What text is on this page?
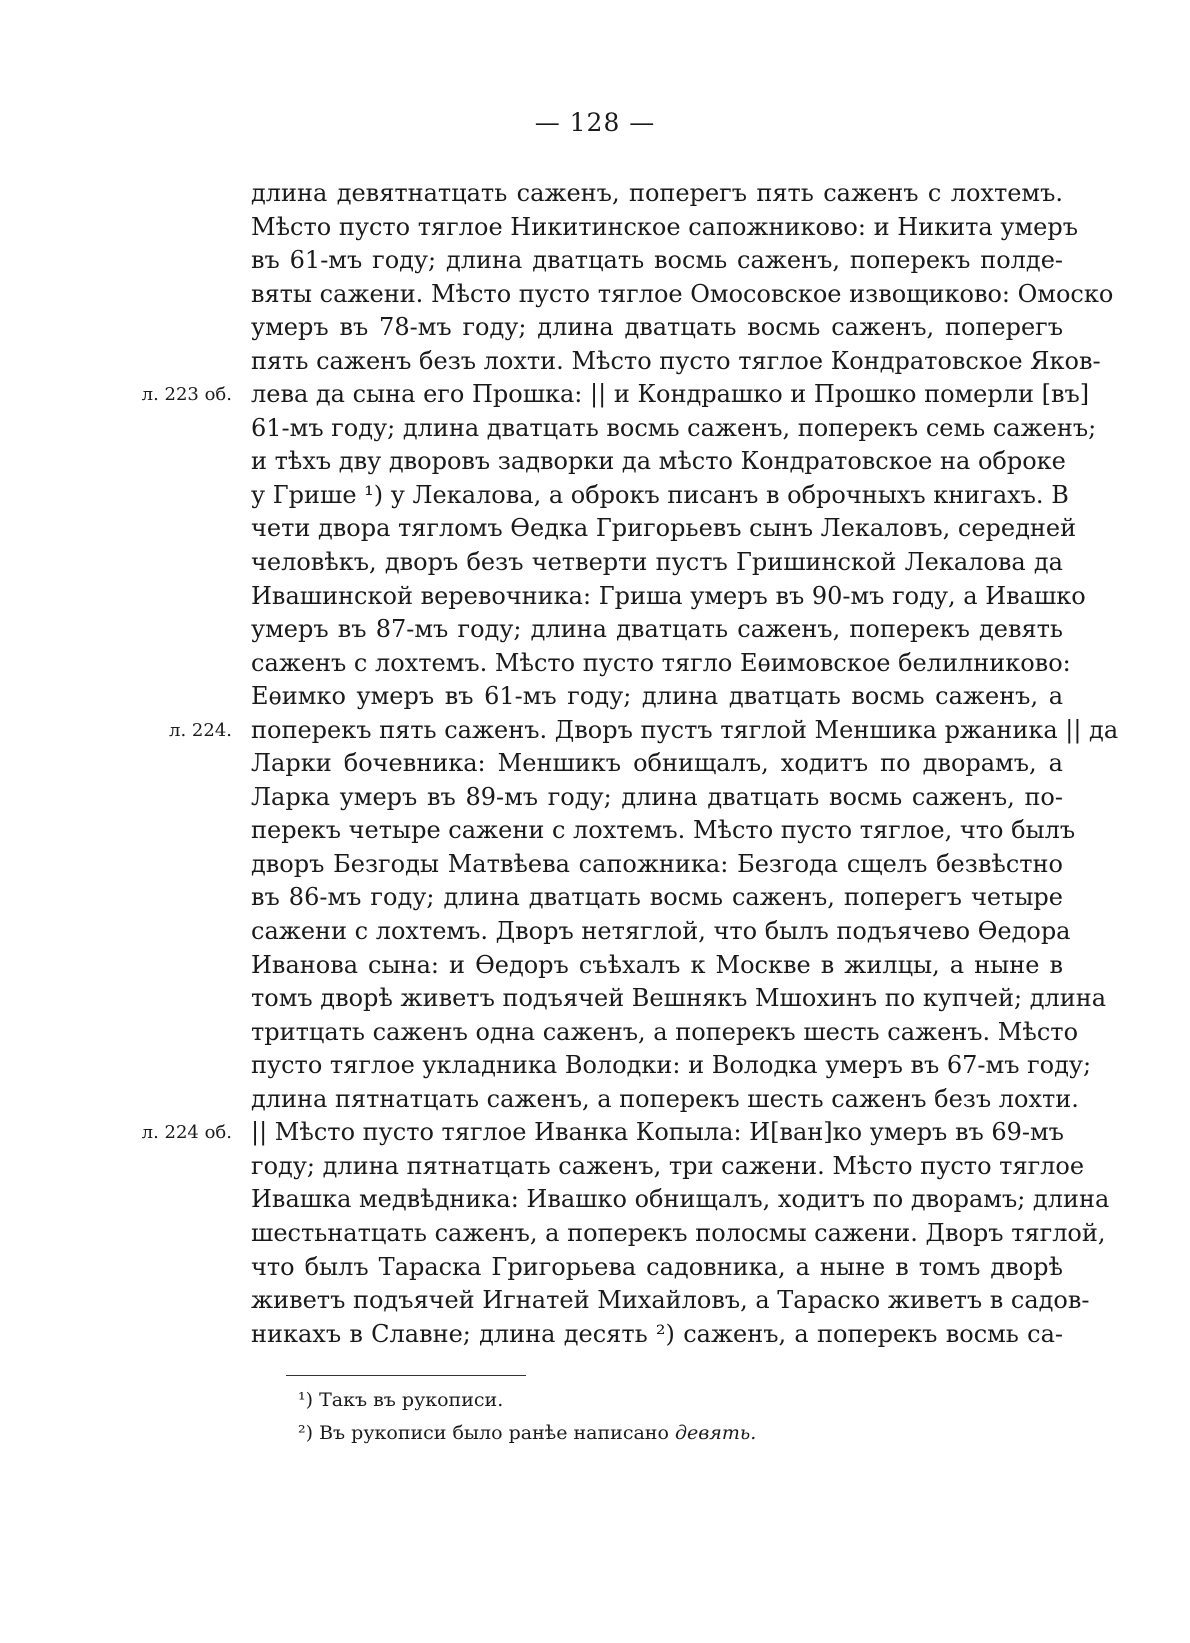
— 128 —
длина девятнатцать саженъ, поперегъ пять саженъ с лохтемъ.
Мѣсто пусто тяглое Никитинское сапожниково: и Никита умеръ
въ 61-мъ году; длина дватцать восмь саженъ, поперекъ полде-
вяты сажени. Мѣсто пусто тяглое Омосовское извощиково: Омоско
умеръ въ 78-мъ году; длина дватцать восмь саженъ, поперегъ
пять саженъ безъ лохти. Мѣсто пусто тяглое Кондратовское Яков-
лева да сына его Прошка: || и Кондрашко и Прошко померли [въ]
л. 223 об.
61-мъ году; длина дватцать восмь саженъ, поперекъ семь саженъ;
и тѣхъ дву дворовъ задворки да мѣсто Кондратовское на оброке
у Грише ¹) у Лекалова, а оброкъ писанъ в оброчныхъ книгахъ. В
чети двора тягломъ Ѳедка Григорьевъ сынъ Лекаловъ, середней
человѣкъ, дворъ безъ четверти пустъ Гришинской Лекалова да
Ивашинской веревочника: Гриша умеръ въ 90-мъ году, а Ивашко
умеръ въ 87-мъ году; длина дватцать саженъ, поперекъ девять
саженъ с лохтемъ. Мѣсто пусто тягло Еѳимовское белилниково:
Еѳимко умеръ въ 61-мъ году; длина дватцать восмь саженъ, а
поперекъ пять саженъ. Дворъ пустъ тяглой Меншика ржаника || да
л. 224.
Ларки бочевника: Меншикъ обнищалъ, ходитъ по дворамъ, а
Ларка умеръ въ 89-мъ году; длина дватцать восмь саженъ, по-
перекъ четыре сажени с лохтемъ. Мѣсто пусто тяглое, что былъ
дворъ Безгоды Матвѣева сапожника: Безгода сщелъ безвѣстно
въ 86-мъ году; длина дватцать восмь саженъ, поперегъ четыре
сажени с лохтемъ. Дворъ нетяглой, что былъ подъячево Ѳедора
Иванова сына: и Ѳедоръ съѣхалъ к Москве в жилцы, а ныне в
томъ дворѣ живетъ подъячей Вешнякъ Мшохинъ по купчей; длина
тритцать саженъ одна саженъ, а поперекъ шесть саженъ. Мѣсто
пусто тяглое укладника Володки: и Володка умеръ въ 67-мъ году;
длина пятнатцать саженъ, а поперекъ шесть саженъ безъ лохти.
|| Мѣсто пусто тяглое Иванка Копыла: И[ван]ко умеръ въ 69-мъ
л. 224 об.
году; длина пятнатцать саженъ, три сажени. Мѣсто пусто тяглое
Ивашка медвѣдника: Ивашко обнищалъ, ходитъ по дворамъ; длина
шестьнатцать саженъ, а поперекъ полосмы сажени. Дворъ тяглой,
что былъ Тараска Григорьева садовника, а ныне в томъ дворѣ
живетъ подъячей Игнатей Михайловъ, а Тараско живетъ в садов-
никахъ в Славне; длина десять ²) саженъ, а поперекъ восмь са-
¹) Такъ въ рукописи.
²) Въ рукописи было ранѣе написано девять.
